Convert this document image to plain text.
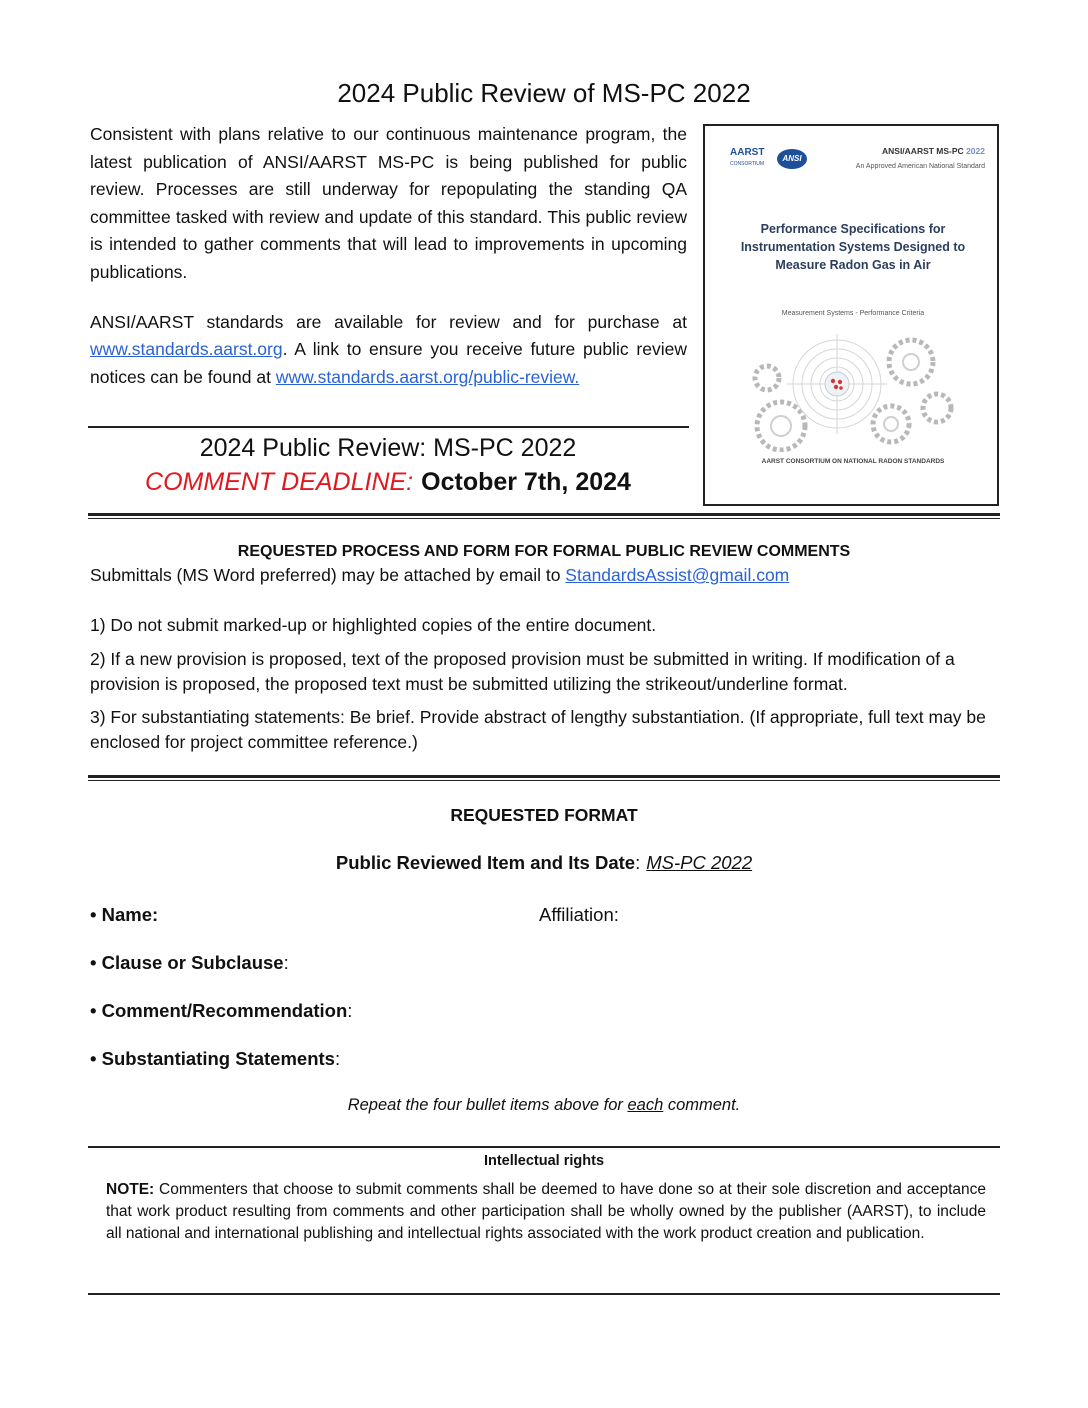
2024 Public Review of MS-PC 2022

Consistent with plans relative to our continuous maintenance program, the latest publication of ANSI/AARST MS-PC is being published for public review. Processes are still underway for repopulating the standing QA committee tasked with review and update of this standard. This public review is intended to gather comments that will lead to improvements in upcoming publications.

ANSI/AARST standards are available for review and for purchase at www.standards.aarst.org. A link to ensure you receive future public review notices can be found at www.standards.aarst.org/public-review.

AARST
CONSORTIUM
ANSI
ANSI/AARST MS-PC 2022
An Approved American National Standard
Performance Specifications for Instrumentation Systems Designed to Measure Radon Gas in Air
Measurement Systems - Performance Criteria
AARST CONSORTIUM ON NATIONAL RADON STANDARDS
2024 Public Review: MS-PC 2022
COMMENT DEADLINE: October 7th, 2024
REQUESTED PROCESS AND FORM FOR FORMAL PUBLIC REVIEW COMMENTS
Submittals (MS Word preferred) may be attached by email to StandardsAssist@gmail.com
1) Do not submit marked-up or highlighted copies of the entire document.
2) If a new provision is proposed, text of the proposed provision must be submitted in writing. If modification of a provision is proposed, the proposed text must be submitted utilizing the strikeout/underline format.
3) For substantiating statements: Be brief. Provide abstract of lengthy substantiation. (If appropriate, full text may be enclosed for project committee reference.)
REQUESTED FORMAT
Public Reviewed Item and Its Date: MS-PC 2022
• Name:	Affiliation:
• Clause or Subclause:
• Comment/Recommendation:
• Substantiating Statements:
Repeat the four bullet items above for each comment.
Intellectual rights
NOTE: Commenters that choose to submit comments shall be deemed to have done so at their sole discretion and acceptance that work product resulting from comments and other participation shall be wholly owned by the publisher (AARST), to include all national and international publishing and intellectual rights associated with the work product creation and publication.
